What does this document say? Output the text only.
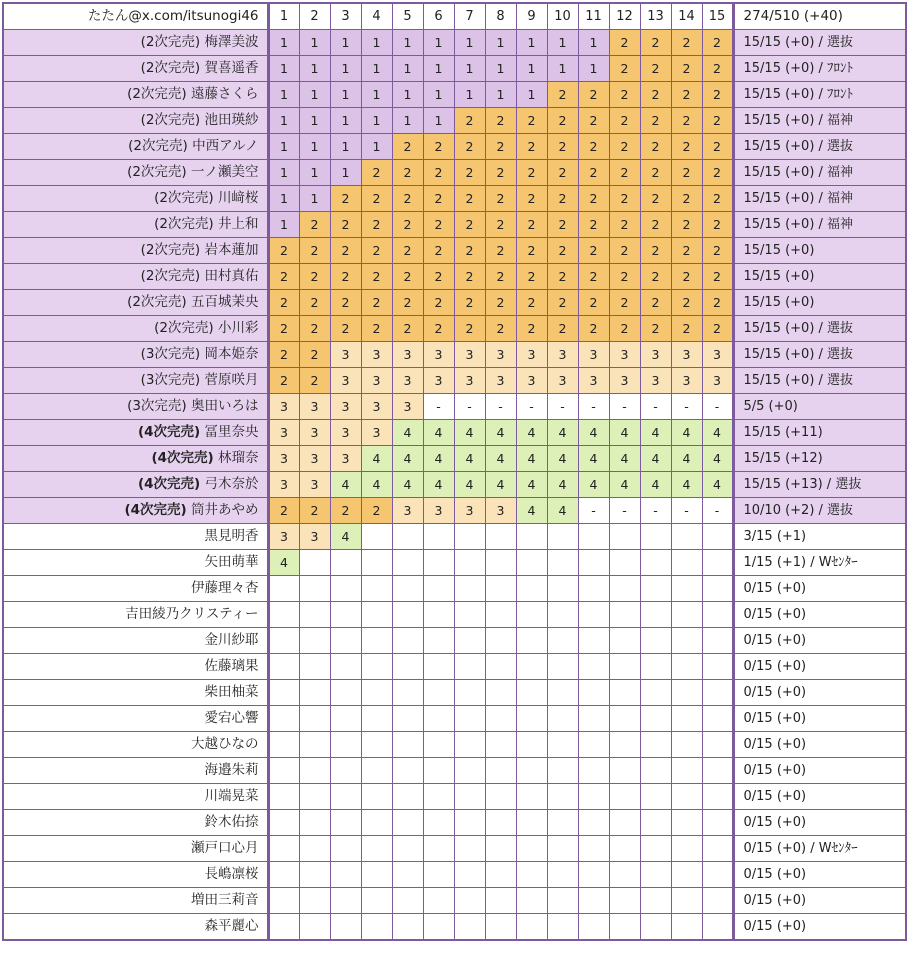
たたん@x.com/itsunogi46	1	2	3	4	5	6	7	8	9	10	11	12	13	14	15	274/510 (+40)
(2次完売) 梅澤美波	1	1	1	1	1	1	1	1	1	1	1	2	2	2	2	15/15 (+0) / 選抜
(2次完売) 賀喜遥香	1	1	1	1	1	1	1	1	1	1	1	2	2	2	2	15/15 (+0) / ﾌﾛﾝﾄ
(2次完売) 遠藤さくら	1	1	1	1	1	1	1	1	1	2	2	2	2	2	2	15/15 (+0) / ﾌﾛﾝﾄ
(2次完売) 池田瑛紗	1	1	1	1	1	1	2	2	2	2	2	2	2	2	2	15/15 (+0) / 福神
(2次完売) 中西アルノ	1	1	1	1	2	2	2	2	2	2	2	2	2	2	2	15/15 (+0) / 選抜
(2次完売) 一ノ瀬美空	1	1	1	2	2	2	2	2	2	2	2	2	2	2	2	15/15 (+0) / 福神
(2次完売) 川﨑桜	1	1	2	2	2	2	2	2	2	2	2	2	2	2	2	15/15 (+0) / 福神
(2次完売) 井上和	1	2	2	2	2	2	2	2	2	2	2	2	2	2	2	15/15 (+0) / 福神
(2次完売) 岩本蓮加	2	2	2	2	2	2	2	2	2	2	2	2	2	2	2	15/15 (+0)
(2次完売) 田村真佑	2	2	2	2	2	2	2	2	2	2	2	2	2	2	2	15/15 (+0)
(2次完売) 五百城茉央	2	2	2	2	2	2	2	2	2	2	2	2	2	2	2	15/15 (+0)
(2次完売) 小川彩	2	2	2	2	2	2	2	2	2	2	2	2	2	2	2	15/15 (+0) / 選抜
(3次完売) 岡本姫奈	2	2	3	3	3	3	3	3	3	3	3	3	3	3	3	15/15 (+0) / 選抜
(3次完売) 菅原咲月	2	2	3	3	3	3	3	3	3	3	3	3	3	3	3	15/15 (+0) / 選抜
(3次完売) 奥田いろは	3	3	3	3	3	-	-	-	-	-	-	-	-	-	-	5/5 (+0)
(4次完売) 冨里奈央	3	3	3	3	4	4	4	4	4	4	4	4	4	4	4	15/15 (+11)
(4次完売) 林瑠奈	3	3	3	4	4	4	4	4	4	4	4	4	4	4	4	15/15 (+12)
(4次完売) 弓木奈於	3	3	4	4	4	4	4	4	4	4	4	4	4	4	4	15/15 (+13) / 選抜
(4次完売) 筒井あやめ	2	2	2	2	3	3	3	3	4	4	-	-	-	-	-	10/10 (+2) / 選抜
黒見明香	3	3	4													3/15 (+1)
矢田萌華	4															1/15 (+1) / Wｾﾝﾀｰ
伊藤理々杏																0/15 (+0)
吉田綾乃クリスティー																0/15 (+0)
金川紗耶																0/15 (+0)
佐藤璃果																0/15 (+0)
柴田柚菜																0/15 (+0)
愛宕心響																0/15 (+0)
大越ひなの																0/15 (+0)
海邉朱莉																0/15 (+0)
川端晃菜																0/15 (+0)
鈴木佑捺																0/15 (+0)
瀬戸口心月																0/15 (+0) / Wｾﾝﾀｰ
長嶋凛桜																0/15 (+0)
増田三莉音																0/15 (+0)
森平麗心																0/15 (+0)
